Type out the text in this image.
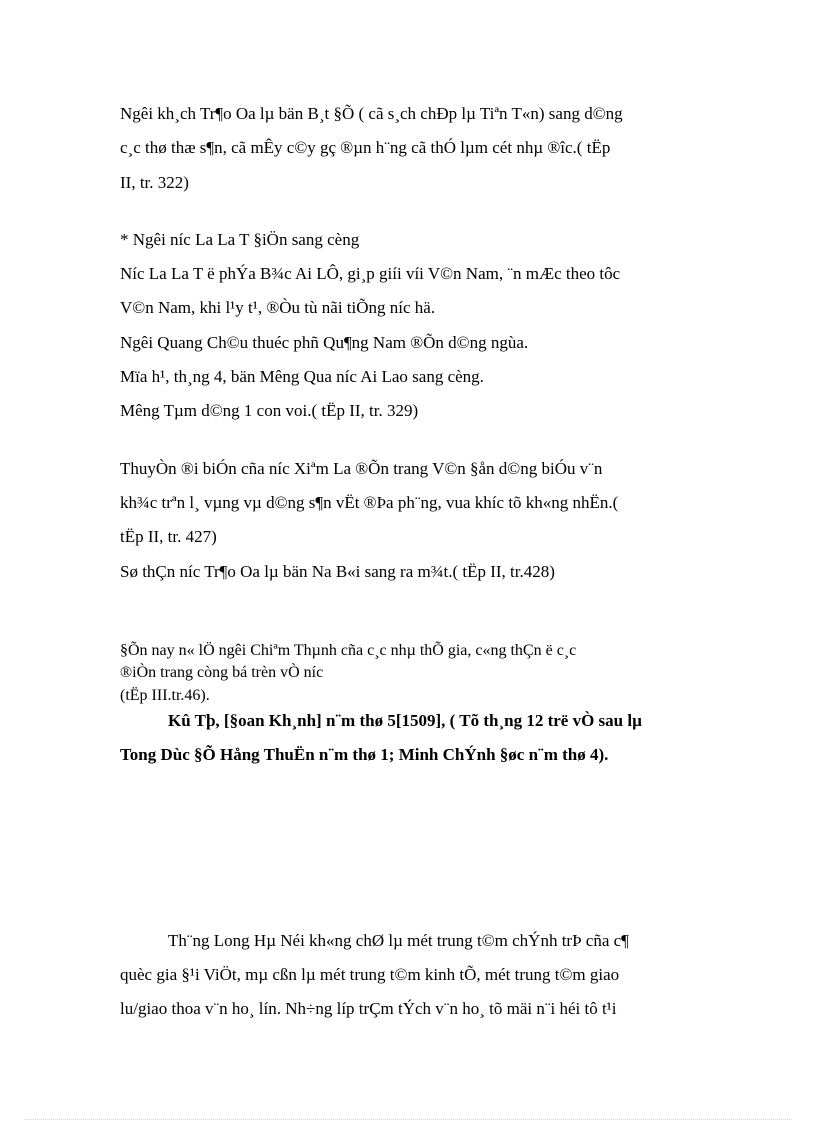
Ngêi kh¸ch Tr¶o Oa lµ bän B¸t §Õ ( cã s¸ch chÐp lµ Tiªn T«n) sang d©ng
c¸c thø thæ s¶n, cã mÊy c©y gç ®µn h¨ng cã thÓ lµm cét nhµ ®îc.( tËp
II, tr. 322)
* Ngêi níc La La T §iÖn sang cèng
Níc La La T ë phÝa B¾c Ai LÔ, gi¸p giíi víi V©n Nam, ¨n mÆc theo tôc
V©n Nam, khi l¹y t¹, ®Òu tù nãi tiÕng níc hä.
Ngêi Quang Ch©u thuéc phñ Qu¶ng Nam ®Õn d©ng ngùa.
Mïa h¹, th¸ng 4, bän Mêng Qua níc Ai Lao sang cèng.
Mêng Tµm d©ng 1 con voi.( tËp II, tr. 329)
ThuyÒn ®i biÓn cña níc Xiªm La ®Õn trang V©n §ån d©ng biÓu v¨n
kh¾c trªn l¸ vµng vµ d©ng s¶n vËt ®Þa ph¨ng, vua khíc tõ kh«ng nhËn.(
tËp II, tr. 427)
Sø thÇn níc Tr¶o Oa lµ bän Na B«i sang ra m¾t.( tËp II, tr.428)
§Õn nay n« lÖ ngêi Chiªm Thµnh cña c¸c nhµ thÕ gia, c«ng thÇn ë c¸c
®iÒn trang còng bá trèn vÒ níc
(tËp III.tr.46).
Kû Tþ, [§oan Kh¸nh] n¨m thø 5[1509], ( Tõ th¸ng 12 trë vÒ sau lµ
Tong Dùc §Õ Hång ThuËn n¨m thø 1; Minh ChÝnh §øc n¨m thø 4).
Th¨ng Long Hµ Néi kh«ng chØ lµ mét trung t©m chÝnh trÞ cña c¶
quèc gia §¹i ViÖt, mµ cßn lµ mét trung t©m kinh tÕ, mét trung t©m giao
lu/giao thoa v¨n ho¸ lín. Nh÷ng líp trÇm tÝch v¨n ho¸ tõ mäi n¨i héi tô t¹i
